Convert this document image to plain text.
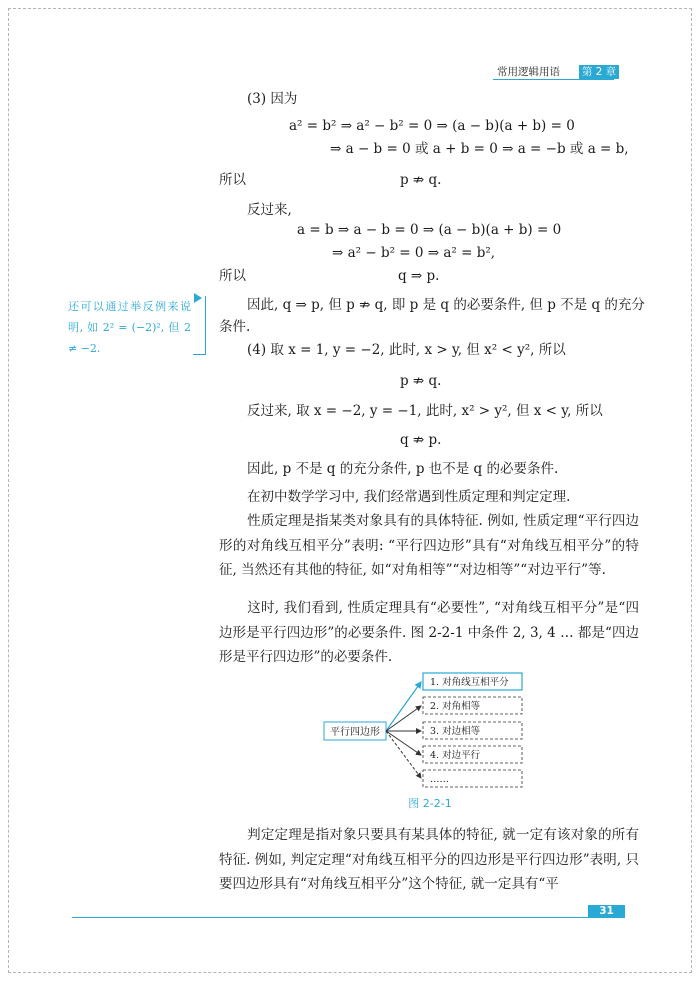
常用逻辑用语 第 2 章
(3) 因为
a² = b² ⇒ a² − b² = 0 ⇒ (a − b)(a + b) = 0
⇒ a − b = 0 或 a + b = 0 ⇒ a = −b 或 a = b,
所以	p ⇏ q.
反过来,
a = b ⇒ a − b = 0 ⇒ (a − b)(a + b) = 0
⇒ a² − b² = 0 ⇒ a² = b²,
所以	q ⇒ p.
还可以通过举反例来说明, 如 2² = (−2)², 但 2 ≠ −2.
因此, q ⇒ p, 但 p ⇏ q, 即 p 是 q 的必要条件, 但 p 不是 q 的充分
条件.
(4) 取 x = 1, y = −2, 此时, x > y, 但 x² < y², 所以
p ⇏ q.
反过来, 取 x = −2, y = −1, 此时, x² > y², 但 x < y, 所以
q ⇏ p.
因此, p 不是 q 的充分条件, p 也不是 q 的必要条件.
在初中数学学习中, 我们经常遇到性质定理和判定定理.
性质定理是指某类对象具有的具体特征. 例如, 性质定理“平行四边形的对角线互相平分”表明: “平行四边形”具有“对角线互相平分”的特征, 当然还有其他的特征, 如“对角相等”“对边相等”“对边平行”等.
这时, 我们看到, 性质定理具有“必要性”, “对角线互相平分”是“四边形是平行四边形”的必要条件. 图 2-2-1 中条件 2, 3, 4 … 都是“四边形是平行四边形”的必要条件.
平行四边形
1. 对角线互相平分
2. 对角相等
3. 对边相等
4. 对边平行
……
图 2-2-1
判定定理是指对象只要具有某具体的特征, 就一定有该对象的所有特征. 例如, 判定定理“对角线互相平分的四边形是平行四边形”表明, 只要四边形具有“对角线互相平分”这个特征, 就一定具有“平
31
